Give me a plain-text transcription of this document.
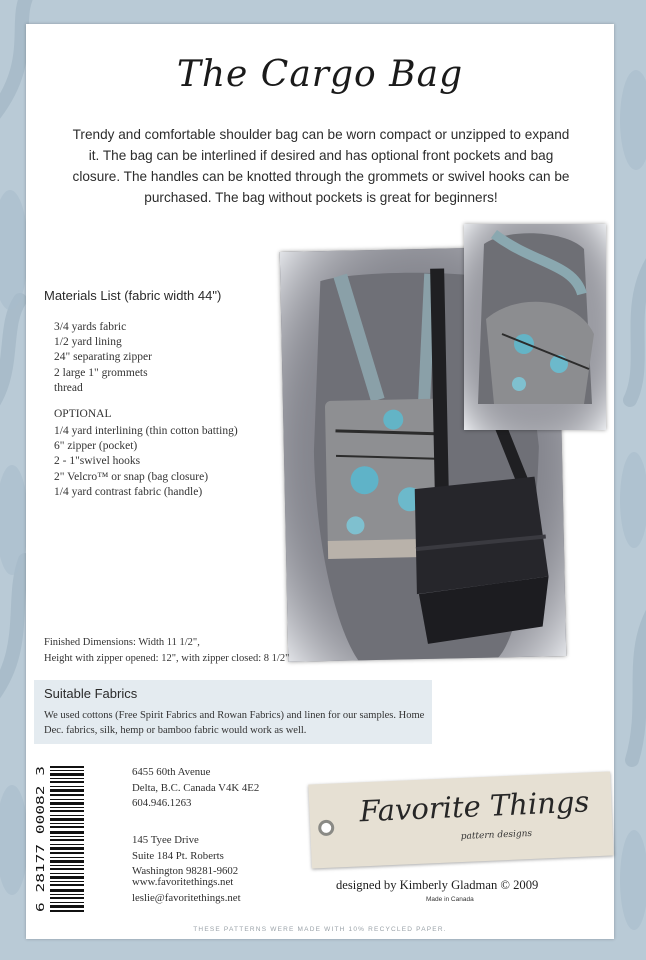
The Cargo Bag
Trendy and comfortable shoulder bag can be worn compact or unzipped to expand it. The bag can be interlined if desired and has optional front pockets and bag closure. The handles can be knotted through the grommets or swivel hooks can be purchased. The bag without pockets is great for beginners!
Materials List (fabric width 44")
3/4 yards fabric
1/2 yard lining
24" separating zipper
2 large 1" grommets
thread
OPTIONAL
1/4 yard interlining (thin cotton batting)
6" zipper (pocket)
2 - 1"swivel hooks
2" Velcro™ or snap (bag closure)
1/4 yard contrast fabric (handle)
Finished Dimensions: Width 11 1/2",
Height with zipper opened: 12", with zipper closed: 8 1/2"
Suitable Fabrics
We used cottons (Free Spirit Fabrics and Rowan Fabrics) and linen for our samples. Home Dec. fabrics, silk, hemp or bamboo fabric would work as well.
6 28177 00082 3
6455 60th Avenue
Delta, B.C. Canada V4K 4E2
604.946.1263
145 Tyee Drive
Suite 184 Pt. Roberts
Washington 98281-9602
www.favoritethings.net
leslie@favoritethings.net
Favorite Things
pattern designs
designed by Kimberly Gladman © 2009
Made in Canada
THESE PATTERNS WERE MADE WITH 10% RECYCLED PAPER.
